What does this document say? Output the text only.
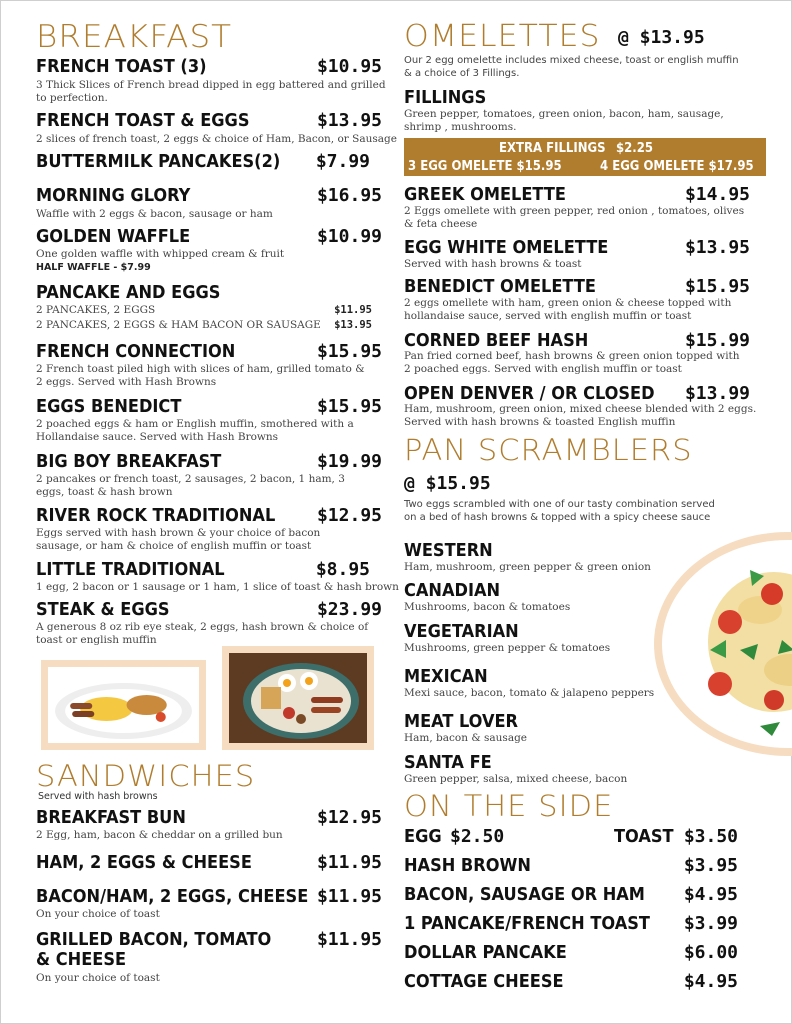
BREAKFAST
FRENCH TOAST (3)	$10.95
3 Thick Slices of French bread dipped in egg battered and grilled to perfection.
FRENCH TOAST & EGGS	$13.95
2 slices of french toast, 2 eggs & choice of Ham, Bacon, or Sausage
BUTTERMILK PANCAKES(2)	$7.99
MORNING GLORY	$16.95
Waffle with 2 eggs & bacon, sausage or ham
GOLDEN WAFFLE	$10.99
One golden waffle with whipped cream & fruit
HALF WAFFLE - $7.99
PANCAKE AND EGGS
2 PANCAKES, 2 EGGS	$11.95
2 PANCAKES, 2 EGGS & HAM BACON OR SAUSAGE	$13.95
FRENCH CONNECTION	$15.95
2 French toast piled high with slices of ham, grilled tomato & 2 eggs. Served with Hash Browns
EGGS BENEDICT	$15.95
2 poached eggs & ham or English muffin, smothered with a Hollandaise sauce. Served with Hash Browns
BIG BOY BREAKFAST	$19.99
2 pancakes or french toast, 2 sausages, 2 bacon, 1 ham, 3 eggs, toast & hash brown
RIVER ROCK TRADITIONAL	$12.95
Eggs served with hash brown & your choice of bacon sausage, or ham & choice of english muffin or toast
LITTLE TRADITIONAL	$8.95
1 egg, 2 bacon or 1 sausage or 1 ham, 1 slice of toast & hash brown
STEAK & EGGS	$23.99
A generous 8 oz rib eye steak, 2 eggs, hash brown & choice of toast or english muffin
SANDWICHES
Served with hash browns
BREAKFAST BUN	$12.95
2 Egg, ham, bacon & cheddar on a grilled bun
HAM, 2 EGGS & CHEESE	$11.95
BACON/HAM, 2 EGGS, CHEESE $11.95
On your choice of toast
GRILLED BACON, TOMATO & CHEESE
$11.95
On your choice of toast
OMELETTES @ $13.95
Our 2 egg omelette includes mixed cheese, toast or english muffin & a choice of 3 Fillings.
FILLINGS
Green pepper, tomatoes, green onion, bacon, ham, sausage, shrimp , mushrooms.
EXTRA FILLINGS $2.25
3 EGG OMELETE $15.95	4 EGG OMELETE $17.95
GREEK OMELETTE	$14.95
2 Eggs omellete with green pepper, red onion , tomatoes, olives & feta cheese
EGG WHITE OMELETTE	$13.95
Served with hash browns & toast
BENEDICT OMELETTE	$15.95
2 eggs omellete with ham, green onion & cheese topped with hollandaise sauce, served with english muffin or toast
CORNED BEEF HASH	$15.99
Pan fried corned beef, hash browns & green onion topped with 2 poached eggs. Served with english muffin or toast
OPEN DENVER / OR CLOSED	$13.99
Ham, mushroom, green onion, mixed cheese blended with 2 eggs. Served with hash browns & toasted English muffin
PAN SCRAMBLERS
@ $15.95
Two eggs scrambled with one of our tasty combination served on a bed of hash browns & topped with a spicy cheese sauce
WESTERN
Ham, mushroom, green pepper & green onion
CANADIAN
Mushrooms, bacon & tomatoes
VEGETARIAN
Mushrooms, green pepper & tomatoes
MEXICAN
Mexi sauce, bacon, tomato & jalapeno peppers
MEAT LOVER
Ham, bacon & sausage
SANTA FE
Green pepper, salsa, mixed cheese, bacon
ON THE SIDE
EGG $2.50	TOAST $3.50
HASH BROWN	$3.95
BACON, SAUSAGE OR HAM	$4.95
1 PANCAKE/FRENCH TOAST	$3.99
DOLLAR PANCAKE	$6.00
COTTAGE CHEESE	$4.95
